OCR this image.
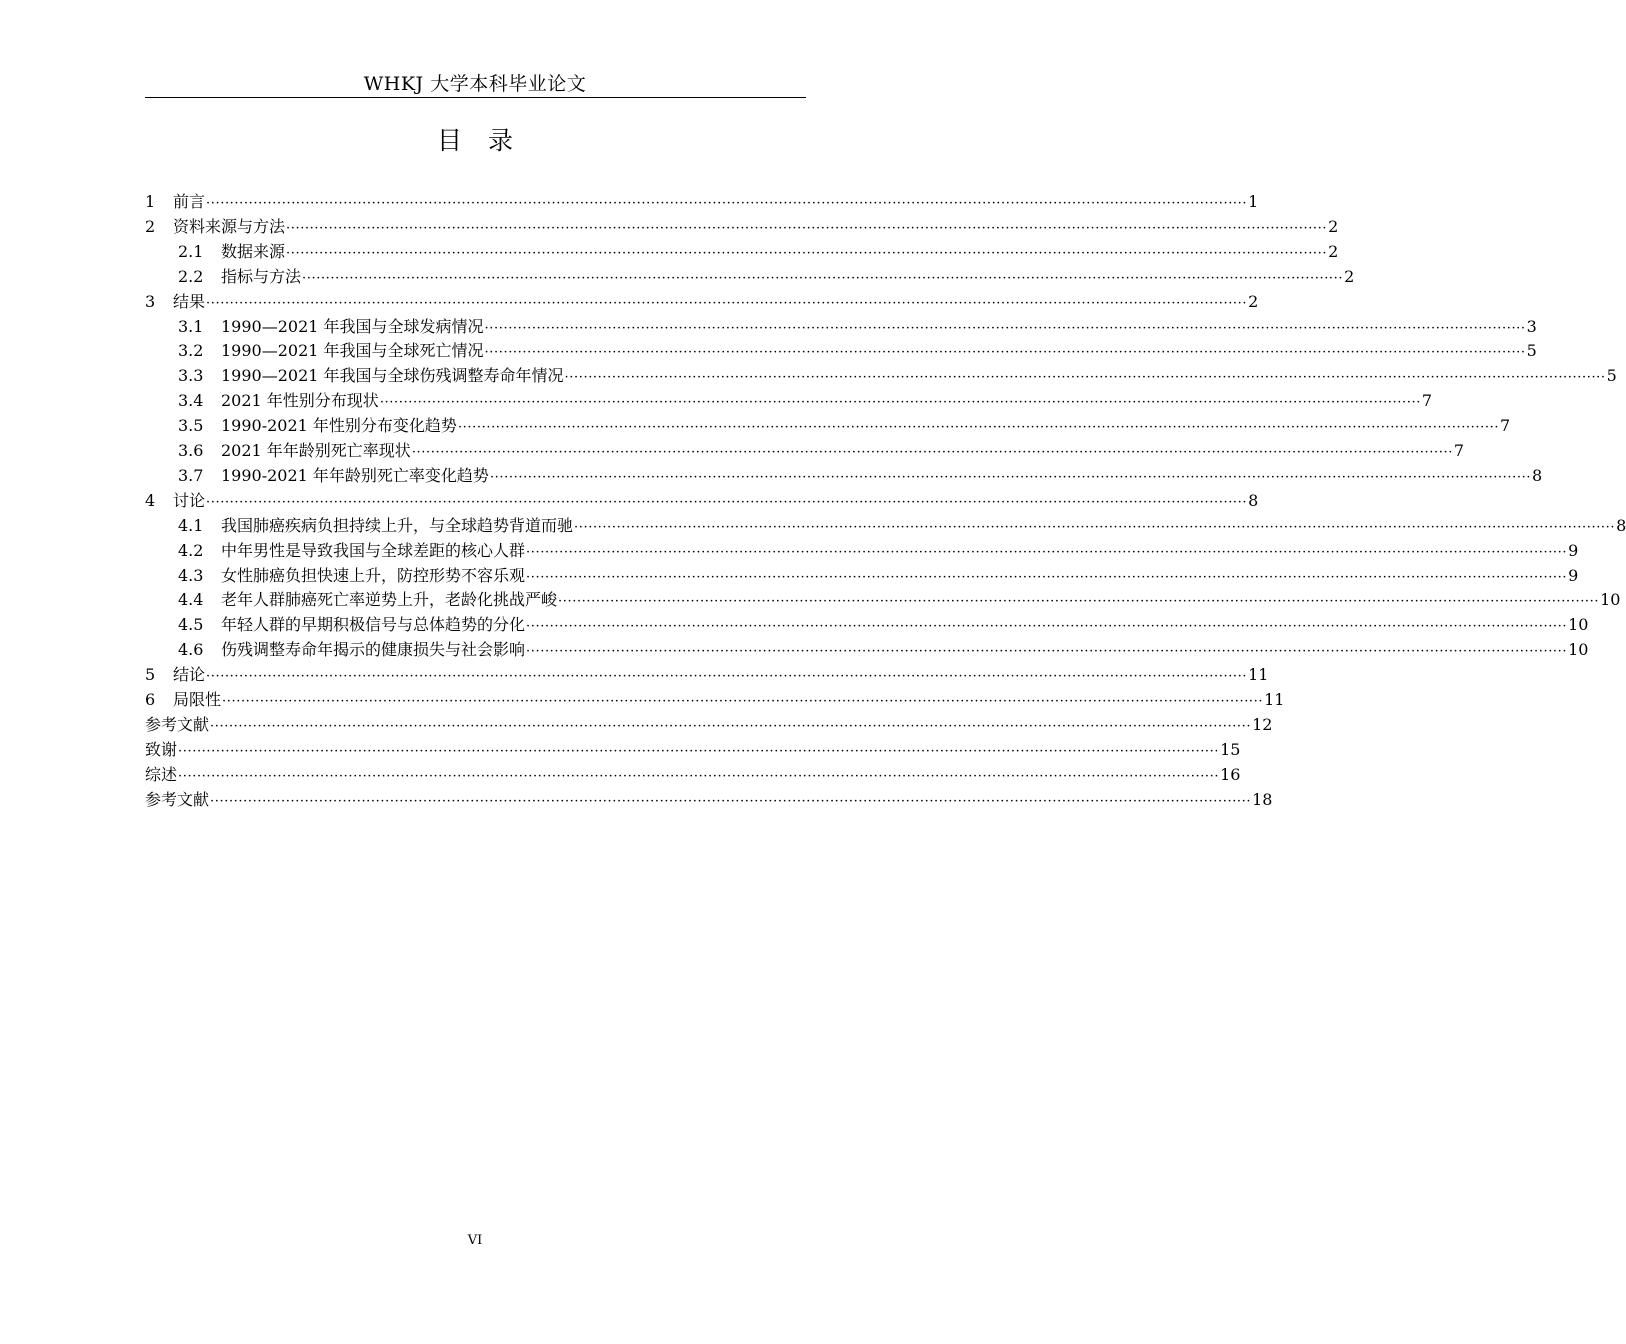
WHKJ 大学本科毕业论文
目录
1	前言 ···························································································································································································································· 1
2	资料来源与方法 ···························································································································································································································· 2
2.1	数据来源 ···························································································································································································································· 2
2.2	指标与方法 ···························································································································································································································· 2
3	结果 ···························································································································································································································· 2
3.1	1990—2021 年我国与全球发病情况 ···························································································································································································································· 3
3.2	1990—2021 年我国与全球死亡情况 ···························································································································································································································· 5
3.3	1990—2021 年我国与全球伤残调整寿命年情况 ···························································································································································································································· 5
3.4	2021 年性别分布现状 ···························································································································································································································· 7
3.5	1990-2021 年性别分布变化趋势 ···························································································································································································································· 7
3.6	2021 年年龄别死亡率现状 ···························································································································································································································· 7
3.7	1990-2021 年年龄别死亡率变化趋势 ···························································································································································································································· 8
4	讨论 ···························································································································································································································· 8
4.1	我国肺癌疾病负担持续上升，与全球趋势背道而驰 ···························································································································································································································· 8
4.2	中年男性是导致我国与全球差距的核心人群 ···························································································································································································································· 9
4.3	女性肺癌负担快速上升，防控形势不容乐观 ···························································································································································································································· 9
4.4	老年人群肺癌死亡率逆势上升，老龄化挑战严峻 ···························································································································································································································· 10
4.5	年轻人群的早期积极信号与总体趋势的分化 ···························································································································································································································· 10
4.6	伤残调整寿命年揭示的健康损失与社会影响 ···························································································································································································································· 10
5	结论 ···························································································································································································································· 11
6	局限性 ···························································································································································································································· 11
参考文献 ···························································································································································································································· 12
致谢 ···························································································································································································································· 15
综述 ···························································································································································································································· 16
参考文献 ···························································································································································································································· 18
VI
